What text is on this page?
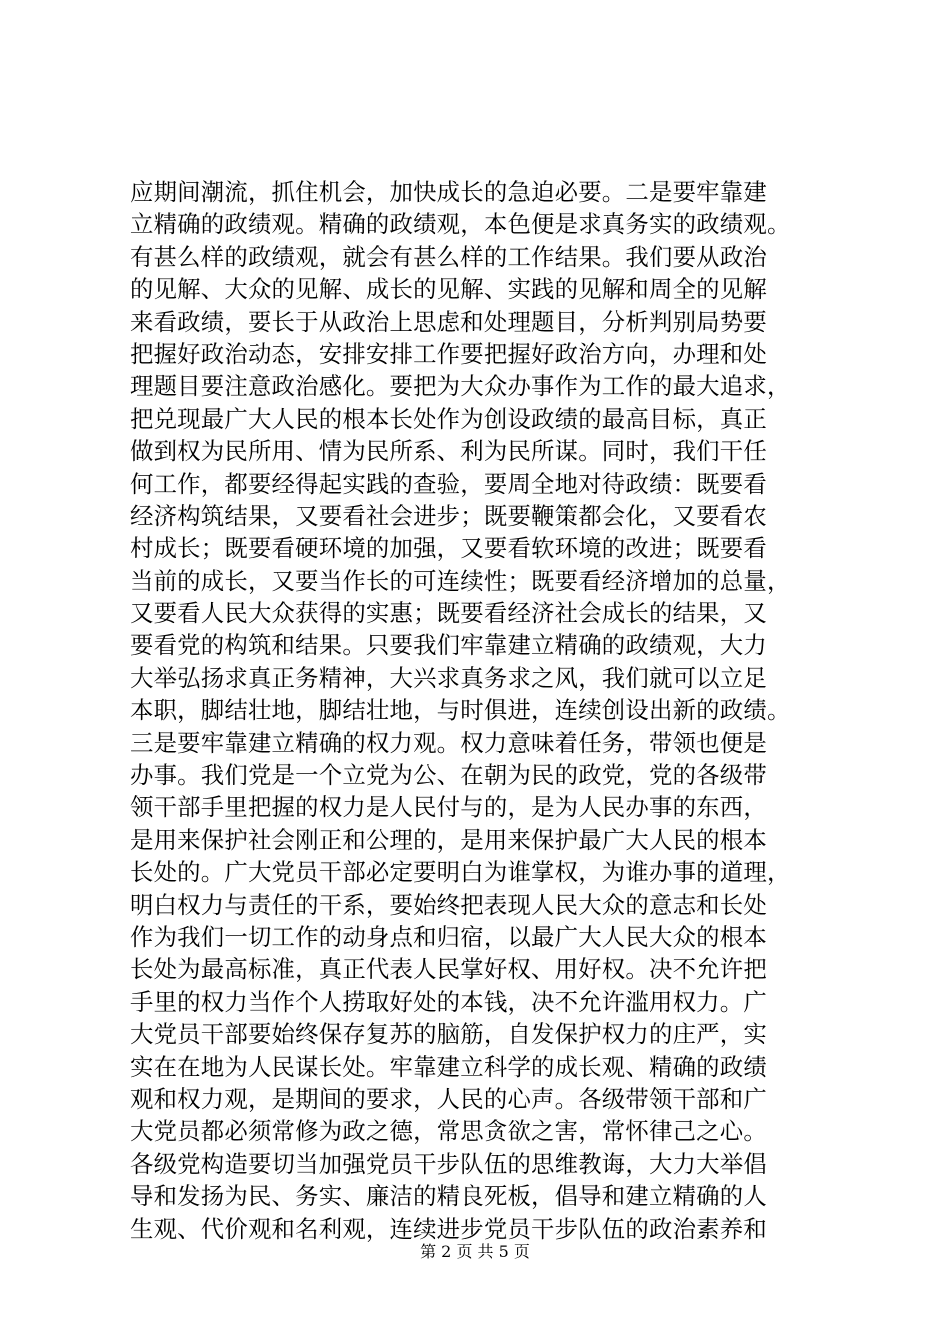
应期间潮流，抓住机会，加快成长的急迫必要。二是要牢靠建
立精确的政绩观。精确的政绩观，本色便是求真务实的政绩观。
有甚么样的政绩观，就会有甚么样的工作结果。我们要从政治
的见解、大众的见解、成长的见解、实践的见解和周全的见解
来看政绩，要长于从政治上思虑和处理题目，分析判别局势要
把握好政治动态，安排安排工作要把握好政治方向，办理和处
理题目要注意政治感化。要把为大众办事作为工作的最大追求，
把兑现最广大人民的根本长处作为创设政绩的最高目标，真正
做到权为民所用、情为民所系、利为民所谋。同时，我们干任
何工作，都要经得起实践的查验，要周全地对待政绩：既要看
经济构筑结果，又要看社会进步；既要鞭策都会化，又要看农
村成长；既要看硬环境的加强，又要看软环境的改进；既要看
当前的成长，又要当作长的可连续性；既要看经济增加的总量，
又要看人民大众获得的实惠；既要看经济社会成长的结果，又
要看党的构筑和结果。只要我们牢靠建立精确的政绩观，大力
大举弘扬求真正务精神，大兴求真务求之风，我们就可以立足
本职，脚结壮地，脚结壮地，与时俱进，连续创设出新的政绩。
三是要牢靠建立精确的权力观。权力意味着任务，带领也便是
办事。我们党是一个立党为公、在朝为民的政党，党的各级带
领干部手里把握的权力是人民付与的，是为人民办事的东西，
是用来保护社会刚正和公理的，是用来保护最广大人民的根本
长处的。广大党员干部必定要明白为谁掌权，为谁办事的道理，
明白权力与责任的干系，要始终把表现人民大众的意志和长处
作为我们一切工作的动身点和归宿，以最广大人民大众的根本
长处为最高标准，真正代表人民掌好权、用好权。决不允许把
手里的权力当作个人捞取好处的本钱，决不允许滥用权力。广
大党员干部要始终保存复苏的脑筋，自发保护权力的庄严，实
实在在地为人民谋长处。牢靠建立科学的成长观、精确的政绩
观和权力观，是期间的要求，人民的心声。各级带领干部和广
大党员都必须常修为政之德，常思贪欲之害，常怀律己之心。
各级党构造要切当加强党员干步队伍的思维教诲，大力大举倡
导和发扬为民、务实、廉洁的精良死板，倡导和建立精确的人
生观、代价观和名利观，连续进步党员干步队伍的政治素养和
第 2 页 共 5 页
